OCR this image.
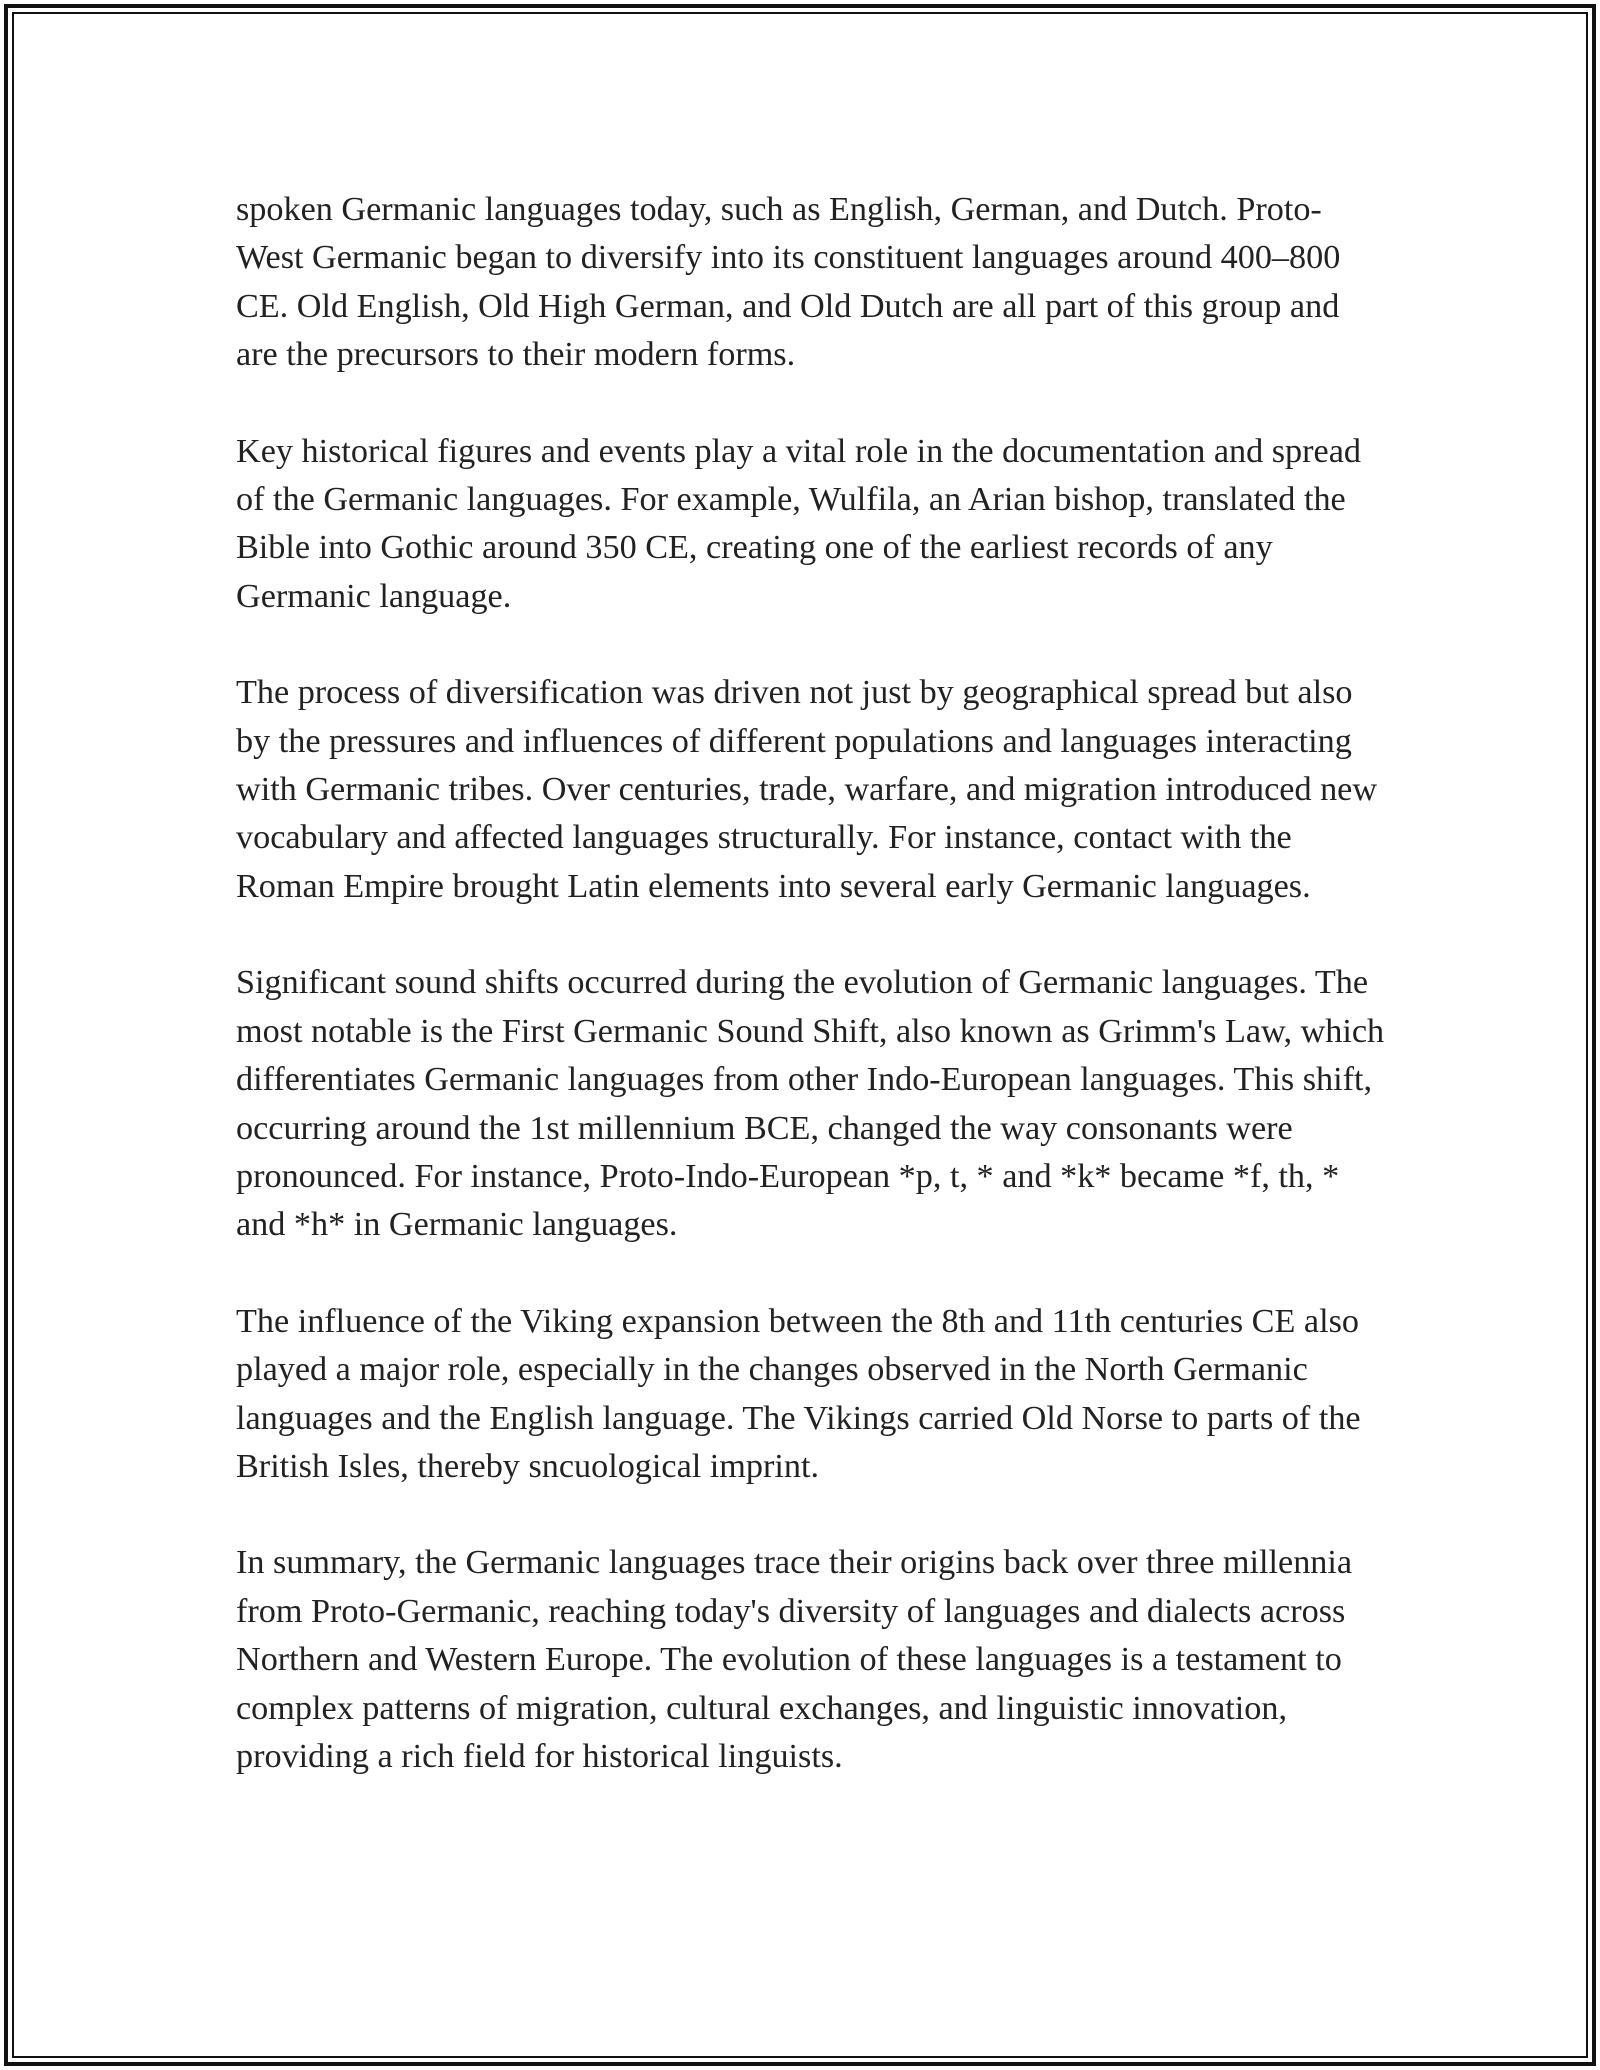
spoken Germanic languages today, such as English, German, and Dutch. Proto-West Germanic began to diversify into its constituent languages around 400–800 CE. Old English, Old High German, and Old Dutch are all part of this group and are the precursors to their modern forms.

Key historical figures and events play a vital role in the documentation and spread of the Germanic languages. For example, Wulfila, an Arian bishop, translated the Bible into Gothic around 350 CE, creating one of the earliest records of any Germanic language.

The process of diversification was driven not just by geographical spread but also by the pressures and influences of different populations and languages interacting with Germanic tribes. Over centuries, trade, warfare, and migration introduced new vocabulary and affected languages structurally. For instance, contact with the Roman Empire brought Latin elements into several early Germanic languages.

Significant sound shifts occurred during the evolution of Germanic languages. The most notable is the First Germanic Sound Shift, also known as Grimm's Law, which differentiates Germanic languages from other Indo-European languages. This shift, occurring around the 1st millennium BCE, changed the way consonants were pronounced. For instance, Proto-Indo-European *p, t, * and *k* became *f, th, * and *h* in Germanic languages.

The influence of the Viking expansion between the 8th and 11th centuries CE also played a major role, especially in the changes observed in the North Germanic languages and the English language. The Vikings carried Old Norse to parts of the British Isles, thereby sncuological imprint.

In summary, the Germanic languages trace their origins back over three millennia from Proto-Germanic, reaching today's diversity of languages and dialects across Northern and Western Europe. The evolution of these languages is a testament to complex patterns of migration, cultural exchanges, and linguistic innovation, providing a rich field for historical linguists.
